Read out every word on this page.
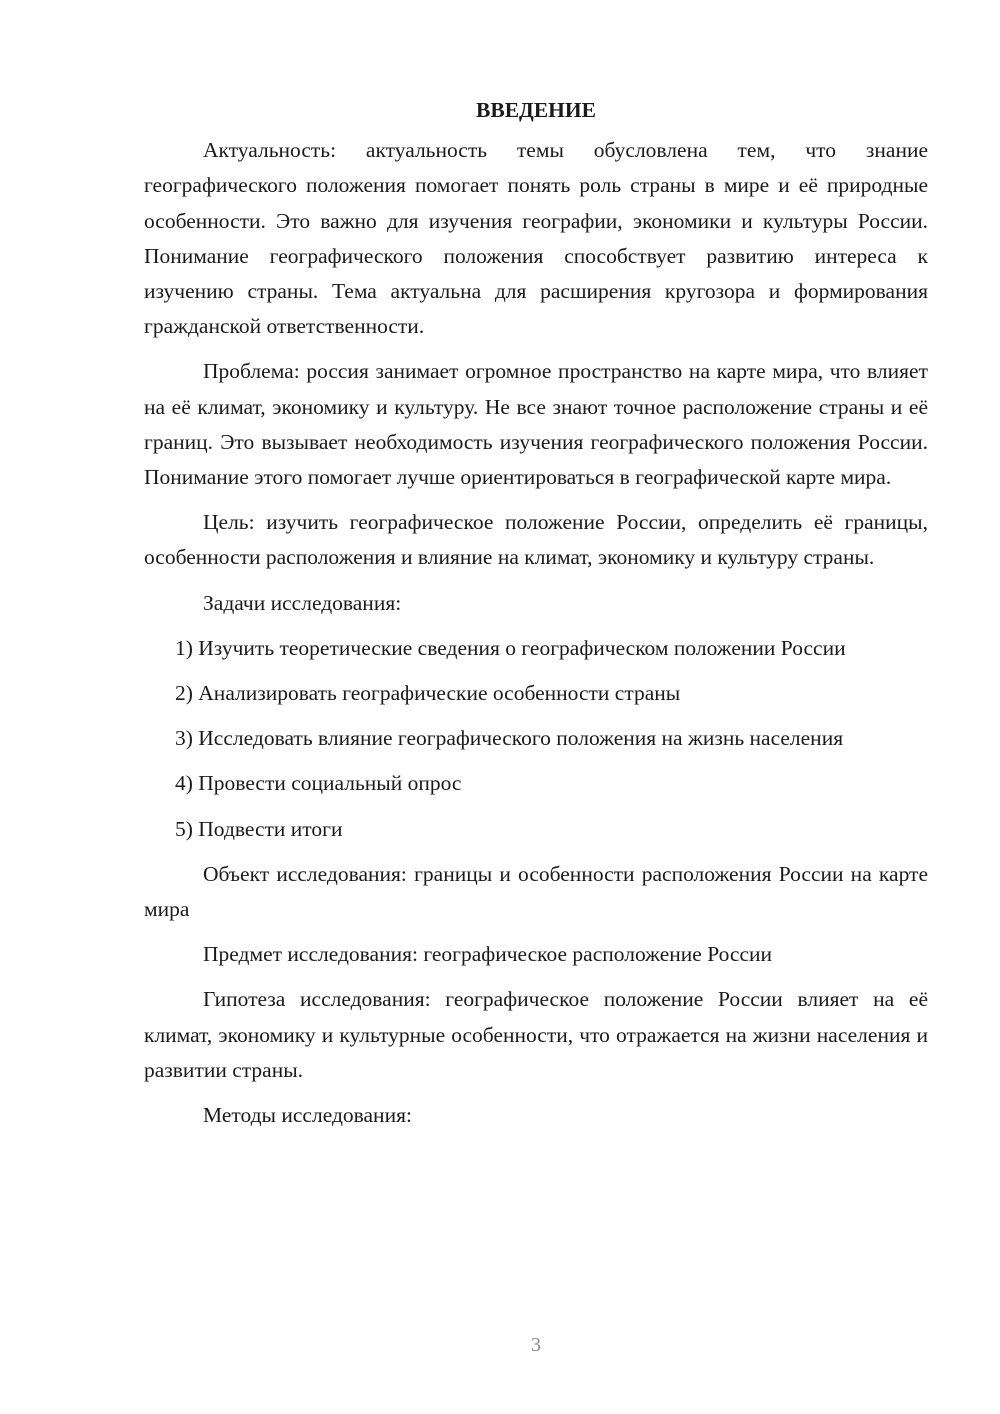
ВВЕДЕНИЕ

Актуальность: актуальность темы обусловлена тем, что знание географического положения помогает понять роль страны в мире и её природные особенности. Это важно для изучения географии, экономики и культуры России. Понимание географического положения способствует развитию интереса к изучению страны. Тема актуальна для расширения кругозора и формирования гражданской ответственности.

Проблема: россия занимает огромное пространство на карте мира, что влияет на её климат, экономику и культуру. Не все знают точное расположение страны и её границ. Это вызывает необходимость изучения географического положения России. Понимание этого помогает лучше ориентироваться в географической карте мира.

Цель: изучить географическое положение России, определить её границы, особенности расположения и влияние на климат, экономику и культуру страны.

Задачи исследования:

1) Изучить теоретические сведения о географическом положении России

2) Анализировать географические особенности страны

3) Исследовать влияние географического положения на жизнь населения

4) Провести социальный опрос

5) Подвести итоги

Объект исследования: границы и особенности расположения России на карте мира

Предмет исследования: географическое расположение России

Гипотеза исследования: географическое положение России влияет на её климат, экономику и культурные особенности, что отражается на жизни населения и развитии страны.

Методы исследования:

3
